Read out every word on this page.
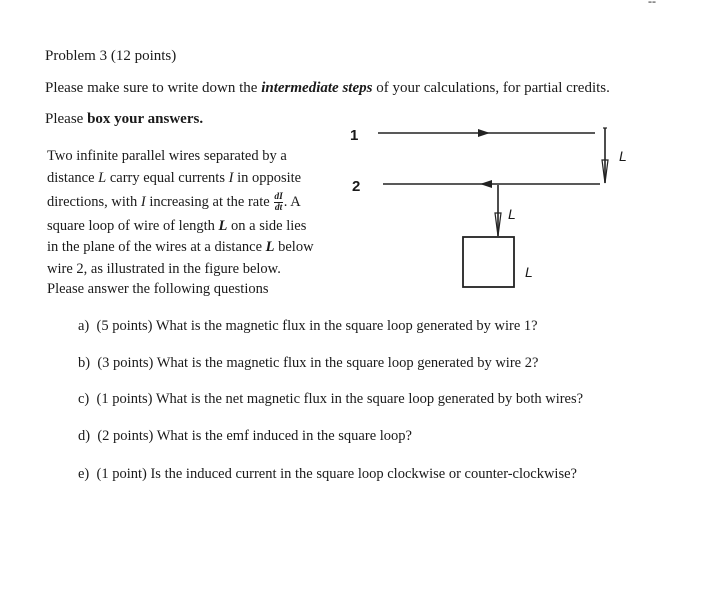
--
Problem 3 (12 points)
Please make sure to write down the intermediate steps of your calculations, for partial credits.
Please box your answers.
Two infinite parallel wires separated by a
distance L carry equal currents I in opposite
directions, with I increasing at the rate $\frac{dI}{dt}$ . A
square loop of wire of length L on a side lies
in the plane of the wires at a distance L below
wire 2, as illustrated in the figure below.
Please answer the following questions
1
2
L
L
L
a) (5 points) What is the magnetic flux in the square loop generated by wire 1?
b) (3 points) What is the magnetic flux in the square loop generated by wire 2?
c) (1 points) What is the net magnetic flux in the square loop generated by both wires?
d) (2 points) What is the emf induced in the square loop?
e) (1 point) Is the induced current in the square loop clockwise or counter-clockwise?
